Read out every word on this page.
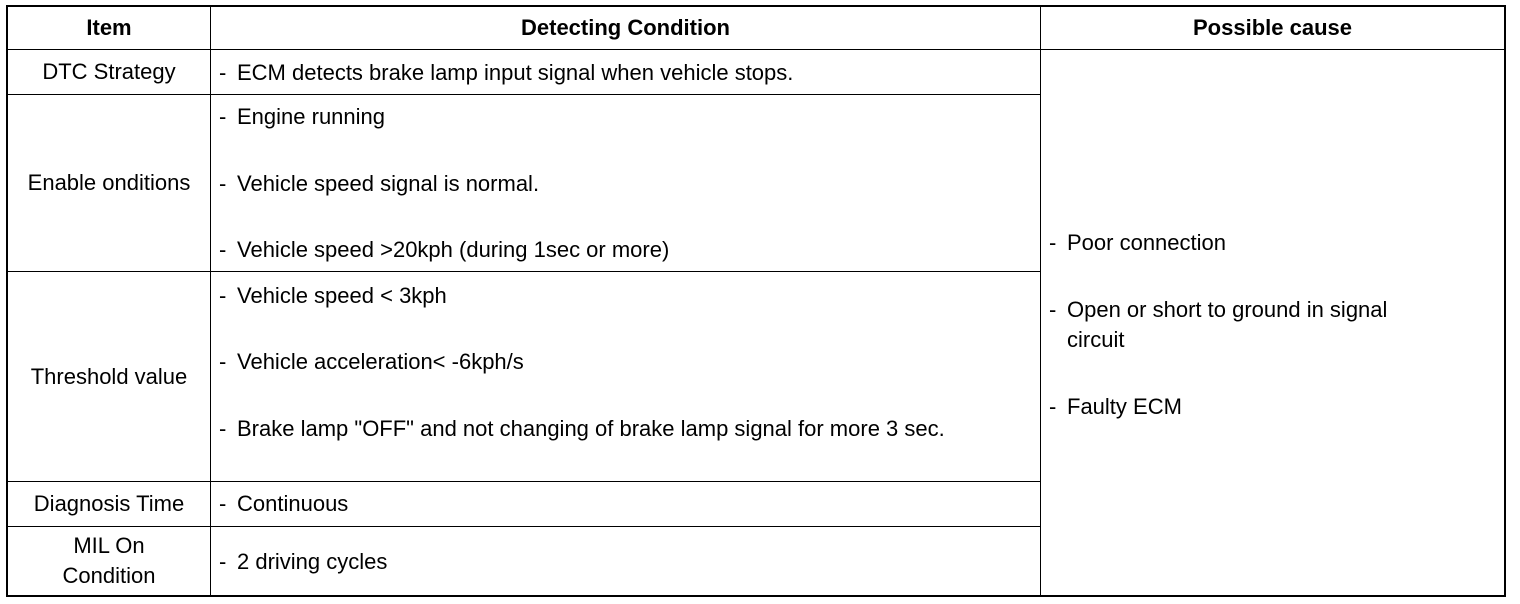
Item	Detecting Condition	Possible cause
DTC Strategy
Enable onditions
Threshold value
Diagnosis Time
MIL On Condition
- ECM detects brake lamp input signal when vehicle stops.
- Engine running
- Vehicle speed signal is normal.
- Vehicle speed >20kph (during 1sec or more)
- Vehicle speed < 3kph
- Vehicle acceleration< -6kph/s
- Brake lamp "OFF" and not changing of brake lamp signal for more 3 sec.
- Continuous
- 2 driving cycles
- Poor connection
- Open or short to ground in signal circuit
- Faulty ECM
